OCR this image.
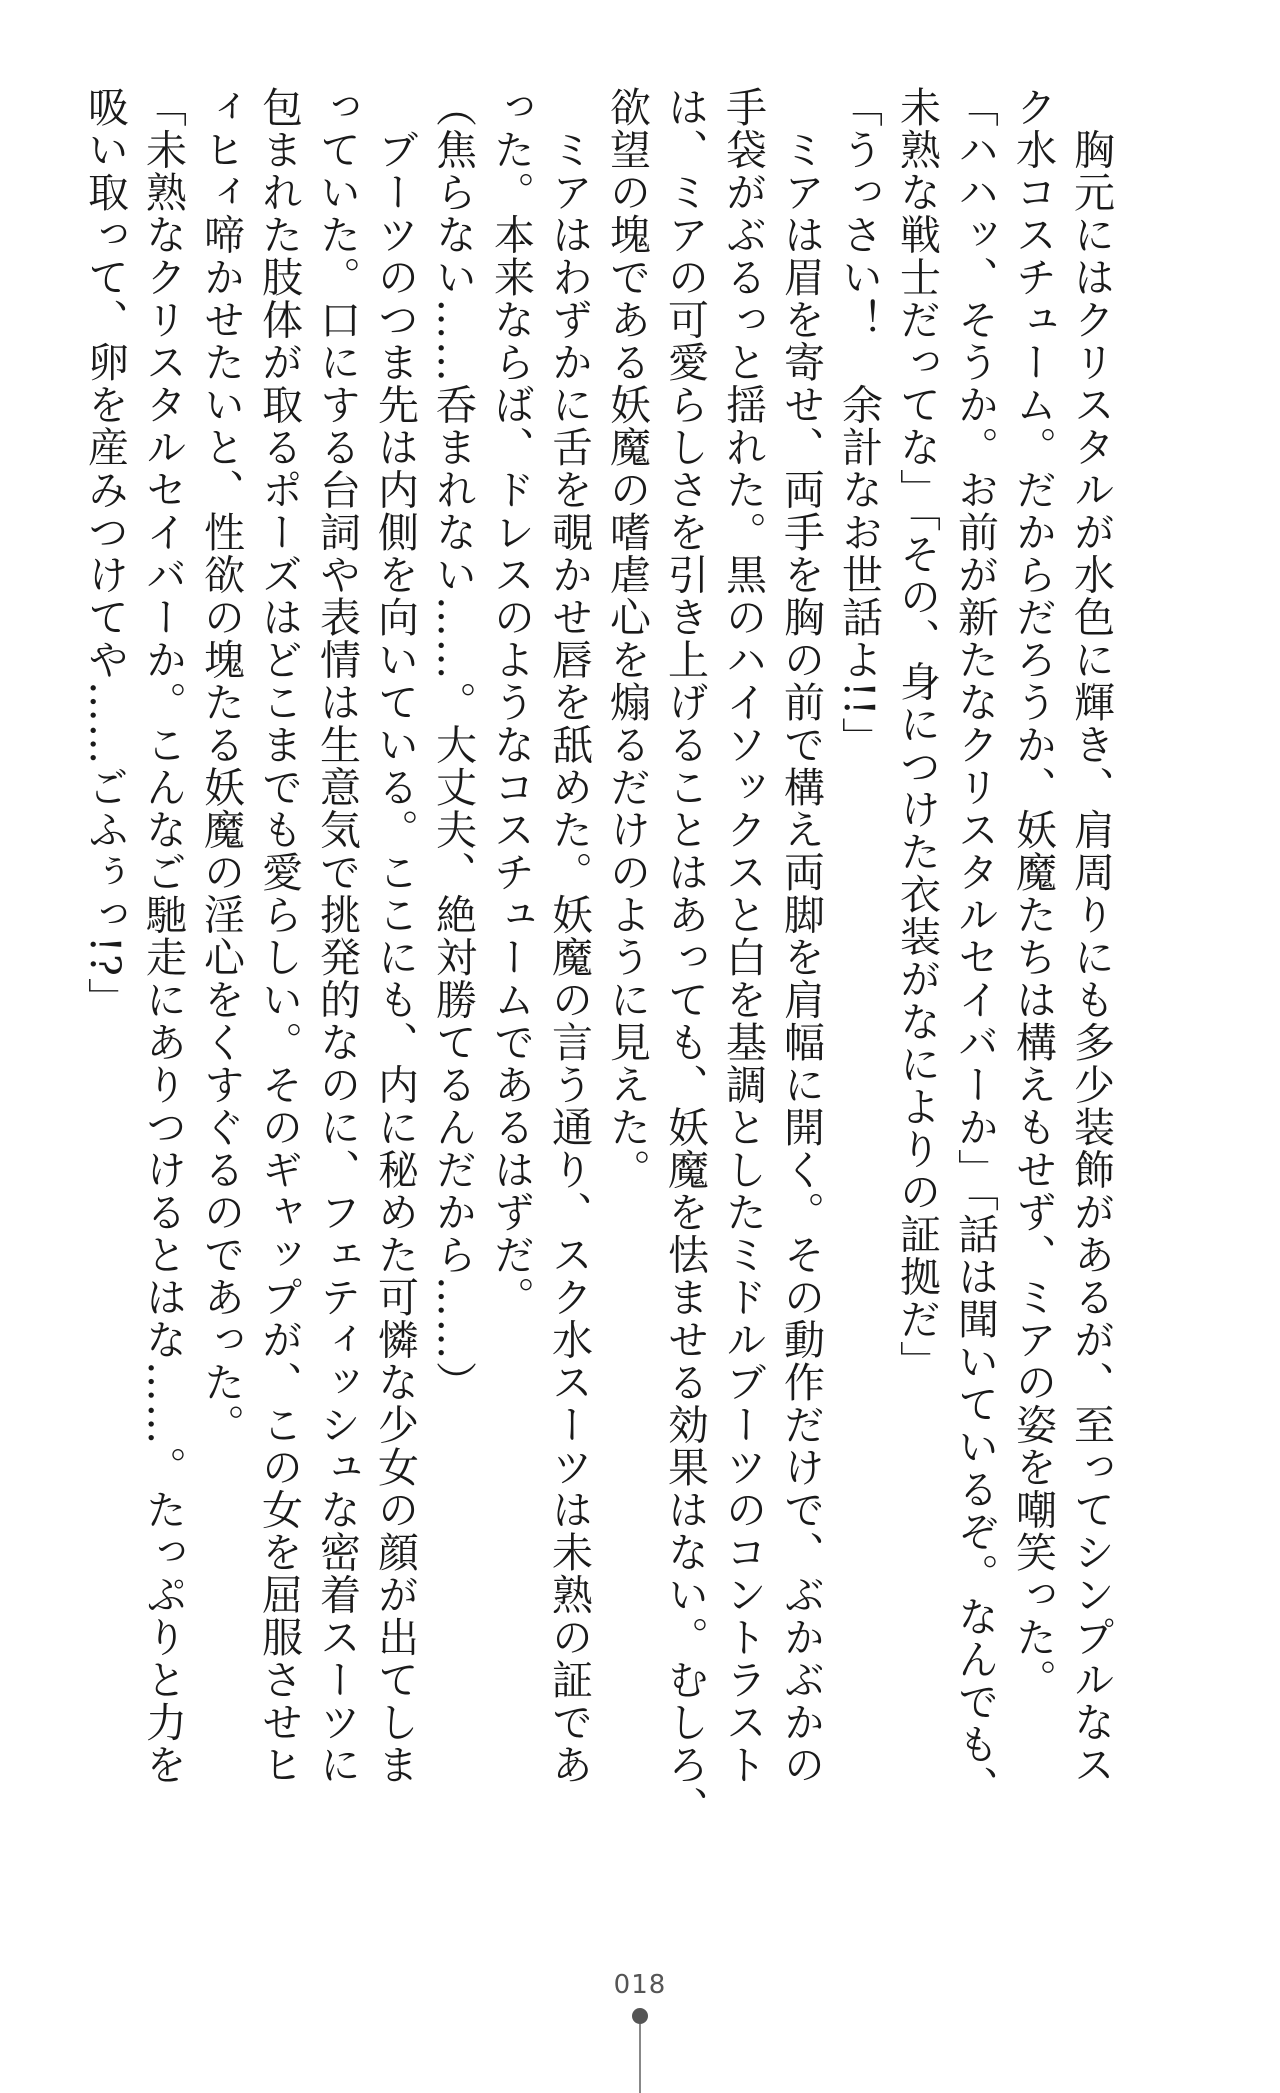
　胸元にはクリスタルが水色に輝き、肩周りにも多少装飾があるが、至ってシンプルなス
ク水コスチューム。だからだろうか、妖魔たちは構えもせず、ミアの姿を嘲笑った。
「ハハッ、そうか。お前が新たなクリスタルセイバーか」「話は聞いているぞ。なんでも、
未熟な戦士だってな」「その、身につけた衣装がなによりの証拠だ」
「うっさい！　余計なお世話よ!!」
　ミアは眉を寄せ、両手を胸の前で構え両脚を肩幅に開く。その動作だけで、ぶかぶかの
手袋がぶるっと揺れた。黒のハイソックスと白を基調としたミドルブーツのコントラスト
は、ミアの可愛らしさを引き上げることはあっても、妖魔を怯ませる効果はない。むしろ、
欲望の塊である妖魔の嗜虐心を煽るだけのように見えた。
　ミアはわずかに舌を覗かせ唇を舐めた。妖魔の言う通り、スク水スーツは未熟の証であ
った。本来ならば、ドレスのようなコスチュームであるはずだ。
（焦らない……呑まれない……。大丈夫、絶対勝てるんだから……）
　ブーツのつま先は内側を向いている。ここにも、内に秘めた可憐な少女の顔が出てしま
っていた。口にする台詞や表情は生意気で挑発的なのに、フェティッシュな密着スーツに
包まれた肢体が取るポーズはどこまでも愛らしい。そのギャップが、この女を屈服させヒ
ィヒィ啼かせたいと、性欲の塊たる妖魔の淫心をくすぐるのであった。
「未熟なクリスタルセイバーか。こんなご馳走にありつけるとはな……。たっぷりと力を
吸い取って、卵を産みつけてや……ごふぅっ!?」
018
